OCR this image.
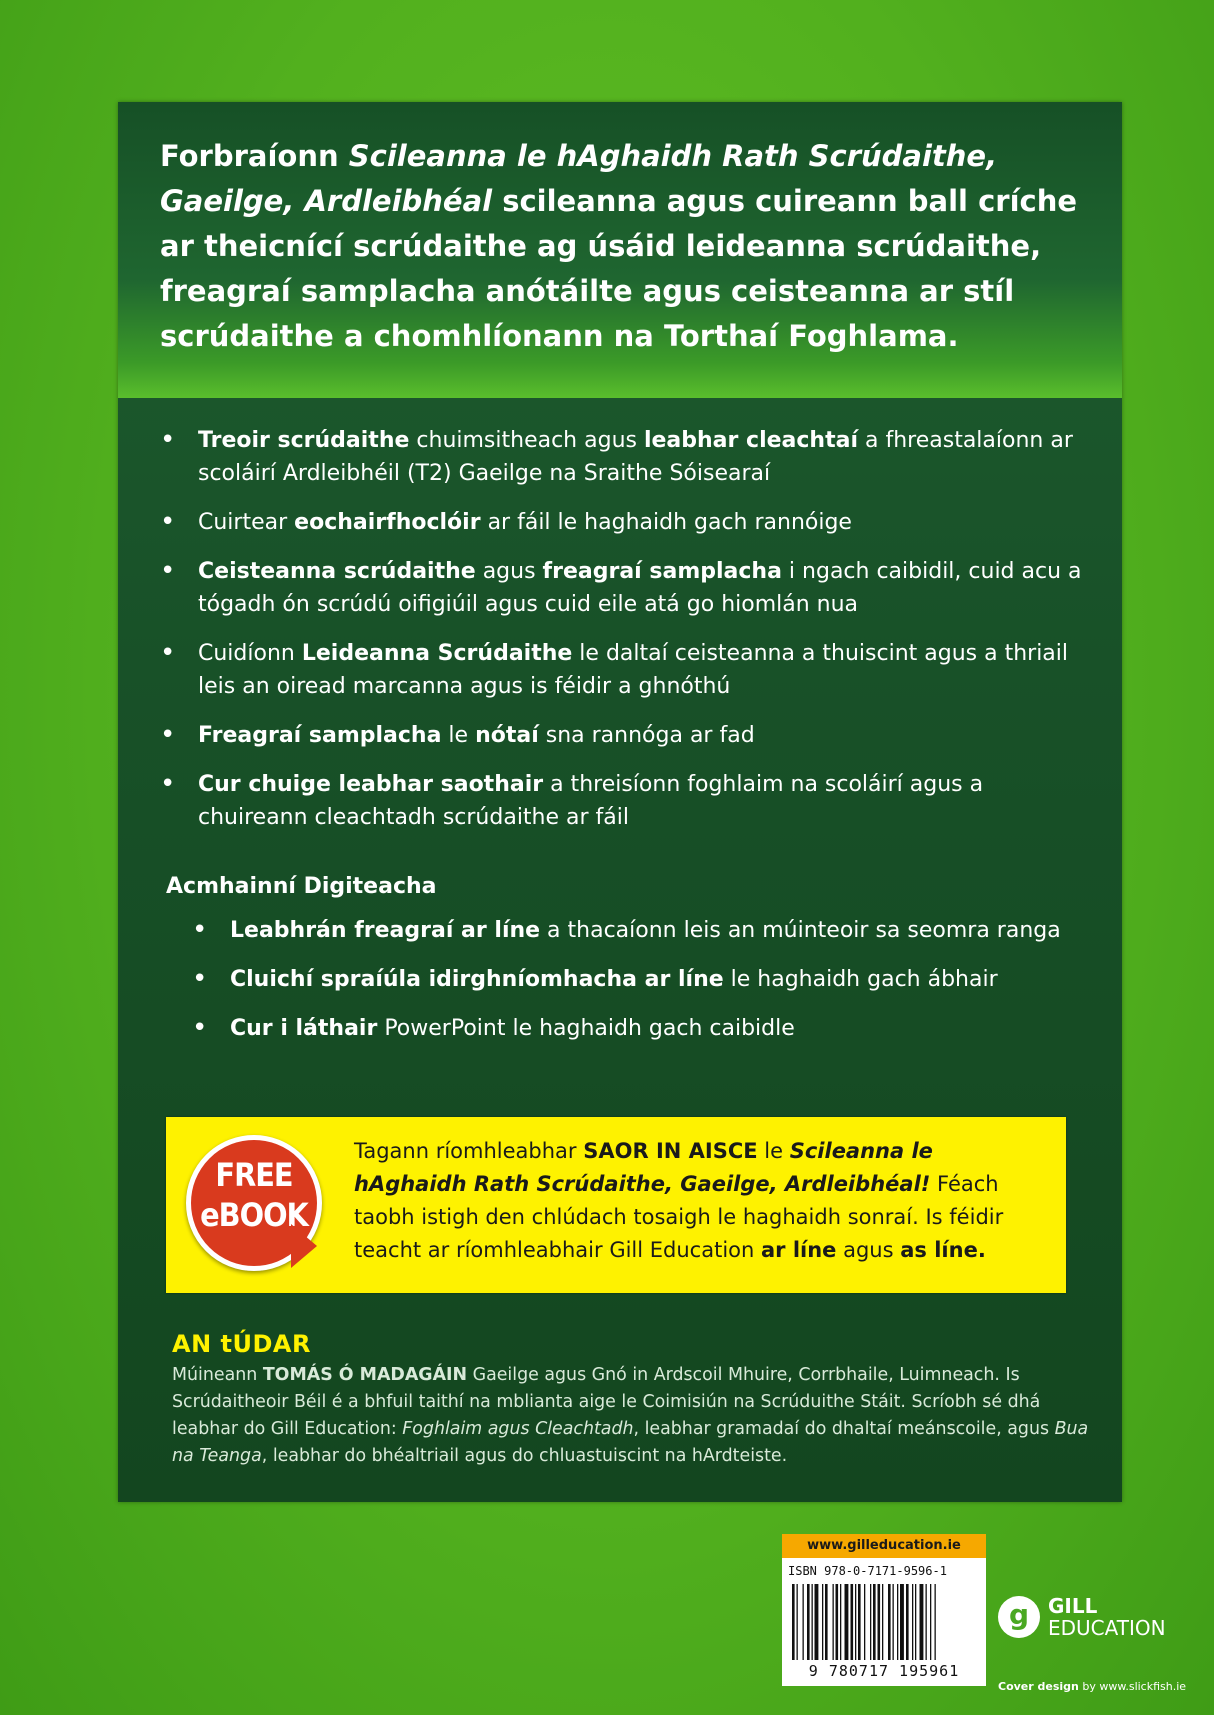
Forbraíonn Scileanna le hAghaidh Rath Scrúdaithe, Gaeilge, Ardleibhéal scileanna agus cuireann ball críche ar theicnící scrúdaithe ag úsáid leideanna scrúdaithe, freagraí samplacha anótáilte agus ceisteanna ar stíl scrúdaithe a chomhlíonann na Torthaí Foghlama.

• Treoir scrúdaithe chuimsitheach agus leabhar cleachtaí a fhreastalaíonn ar scoláirí Ardleibhéil (T2) Gaeilge na Sraithe Sóisearaí
• Cuirtear eochairfhoclóir ar fáil le haghaidh gach rannóige
• Ceisteanna scrúdaithe agus freagraí samplacha i ngach caibidil, cuid acu a tógadh ón scrúdú oifigiúil agus cuid eile atá go hiomlán nua
• Cuidíonn Leideanna Scrúdaithe le daltaí ceisteanna a thuiscint agus a thriail leis an oiread marcanna agus is féidir a ghnóthú
• Freagraí samplacha le nótaí sna rannóga ar fad
• Cur chuige leabhar saothair a threisíonn foghlaim na scoláirí agus a chuireann cleachtadh scrúdaithe ar fáil

Acmhainní Digiteacha

• Leabhrán freagraí ar líne a thacaíonn leis an múinteoir sa seomra ranga
• Cluichí spraíúla idirghníomhacha ar líne le haghaidh gach ábhair
• Cur i láthair PowerPoint le haghaidh gach caibidle
FREE
eBOOK

Tagann ríomhleabhar SAOR IN AISCE le Scileanna le hAghaidh Rath Scrúdaithe, Gaeilge, Ardleibhéal! Féach taobh istigh den chlúdach tosaigh le haghaidh sonraí. Is féidir teacht ar ríomhleabhair Gill Education ar líne agus as líne.

AN tÚDAR

Múineann TOMÁS Ó MADAGÁIN Gaeilge agus Gnó in Ardscoil Mhuire, Corrbhaile, Luimneach. Is Scrúdaitheoir Béil é a bhfuil taithí na mblianta aige le Coimisiún na Scrúduithe Stáit. Scríobh sé dhá leabhar do Gill Education: Foghlaim agus Cleachtadh, leabhar gramadaí do dhaltaí meánscoile, agus Bua na Teanga, leabhar do bhéaltriail agus do chluastuiscint na hArdteiste.

www.gilleducation.ie
ISBN 978-0-7171-9596-1
9 780717 195961
g GILL
EDUCATION
Cover design by www.slickfish.ie
